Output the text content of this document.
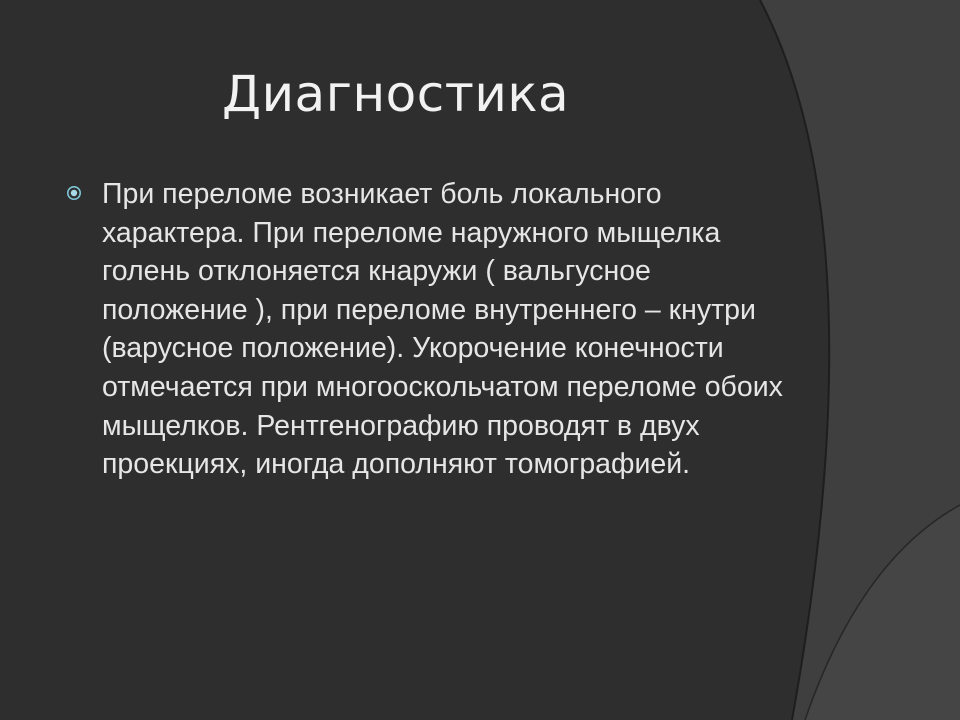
Диагностика

При переломе возникает боль локального характера. При переломе наружного мыщелка голень отклоняется кнаружи ( вальгусное положение ), при переломе внутреннего – кнутри (варусное положение). Укорочение конечности отмечается при многооскольчатом переломе обоих мыщелков. Рентгенографию проводят в двух проекциях, иногда дополняют томографией.
